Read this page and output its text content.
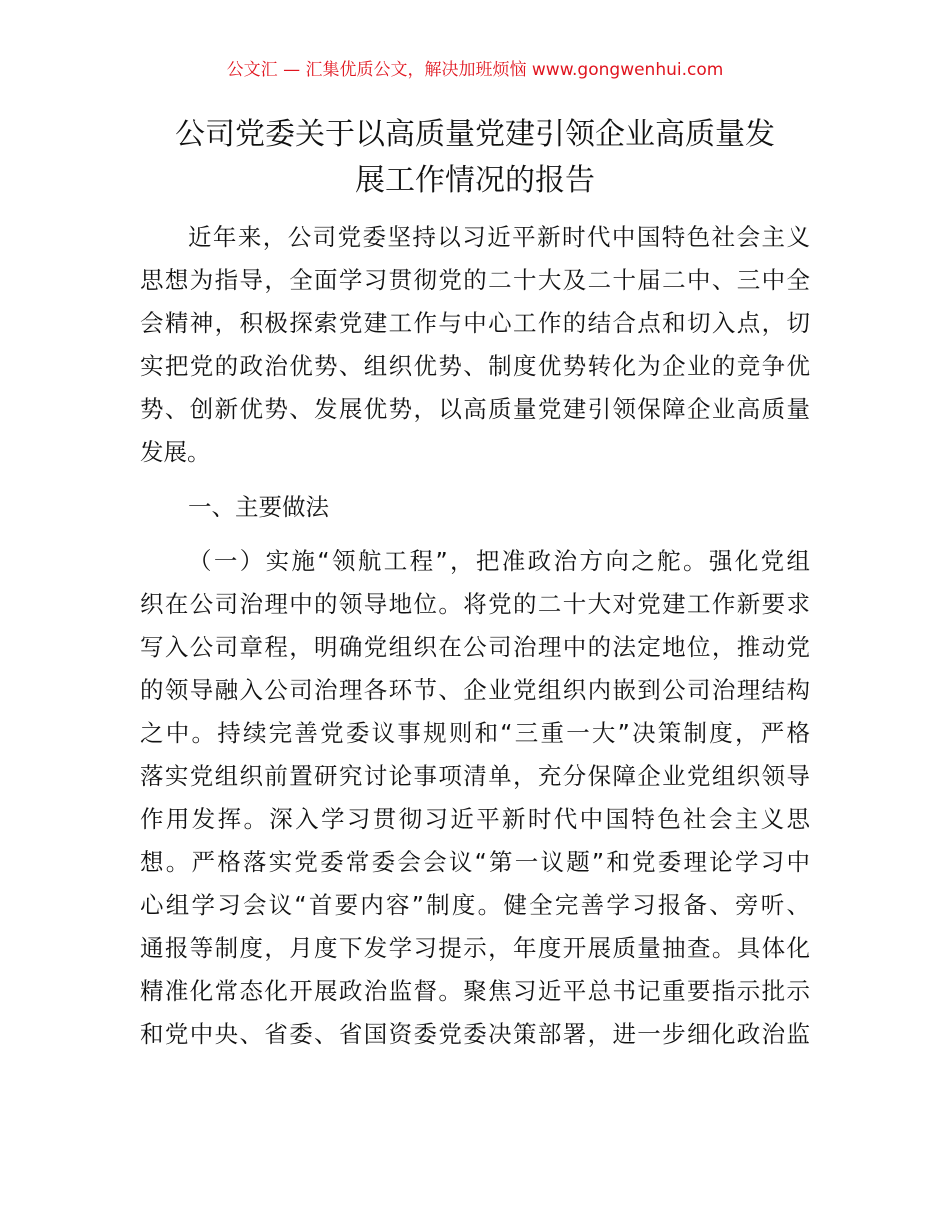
公文汇 — 汇集优质公文，解决加班烦恼 www.gongwenhui.com
公司党委关于以高质量党建引领企业高质量发
展工作情况的报告
近年来，公司党委坚持以习近平新时代中国特色社会主义
思想为指导，全面学习贯彻党的二十大及二十届二中、三中全
会精神，积极探索党建工作与中心工作的结合点和切入点，切
实把党的政治优势、组织优势、制度优势转化为企业的竞争优
势、创新优势、发展优势，以高质量党建引领保障企业高质量
发展。
一、主要做法
（一）实施“领航工程”，把准政治方向之舵。强化党组
织在公司治理中的领导地位。将党的二十大对党建工作新要求
写入公司章程，明确党组织在公司治理中的法定地位，推动党
的领导融入公司治理各环节、企业党组织内嵌到公司治理结构
之中。持续完善党委议事规则和“三重一大”决策制度，严格
落实党组织前置研究讨论事项清单，充分保障企业党组织领导
作用发挥。深入学习贯彻习近平新时代中国特色社会主义思
想。严格落实党委常委会会议“第一议题”和党委理论学习中
心组学习会议“首要内容”制度。健全完善学习报备、旁听、
通报等制度，月度下发学习提示，年度开展质量抽查。具体化
精准化常态化开展政治监督。聚焦习近平总书记重要指示批示
和党中央、省委、省国资委党委决策部署，进一步细化政治监
